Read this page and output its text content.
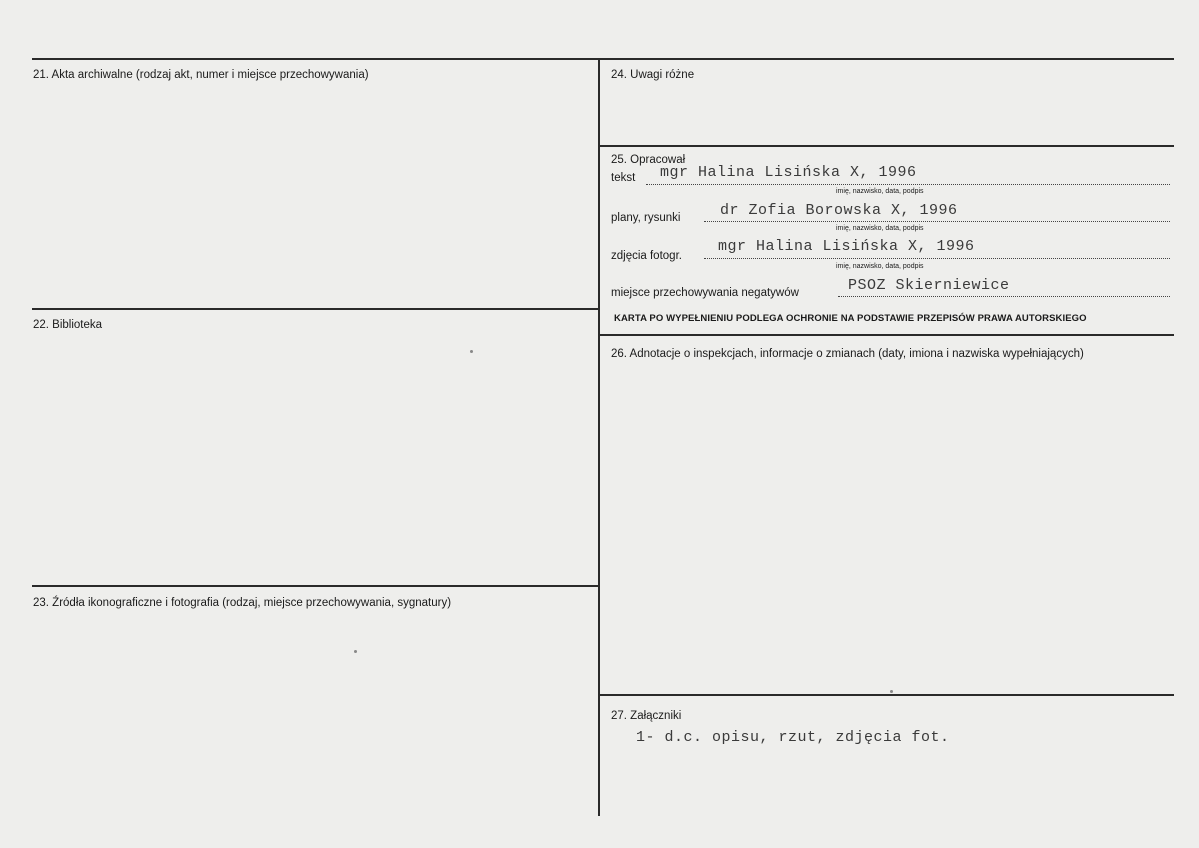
21. Akta archiwalne (rodzaj akt, numer i miejsce przechowywania)
22. Biblioteka
23. Źródła ikonograficzne i fotografia (rodzaj, miejsce przechowywania, sygnatury)
24. Uwagi różne
25. Opracował
tekst mgr Halina Lisińska X, 1996
imię, nazwisko, data, podpis
plany, rysunki	dr Zofia Borowska X, 1996
imię, nazwisko, data, podpis
zdjęcia fotogr.
mgr Halina Lisińska X, 1996
imię, nazwisko, data, podpis
miejsce przechowywania negatywów	PSOZ Skierniewice
KARTA PO WYPEŁNIENIU PODLEGA OCHRONIE NA PODSTAWIE PRZEPISÓW PRAWA AUTORSKIEGO
26. Adnotacje o inspekcjach, informacje o zmianach (daty, imiona i nazwiska wypełniających)
27. Załączniki
1- d.c. opisu, rzut, zdjęcia fot.
